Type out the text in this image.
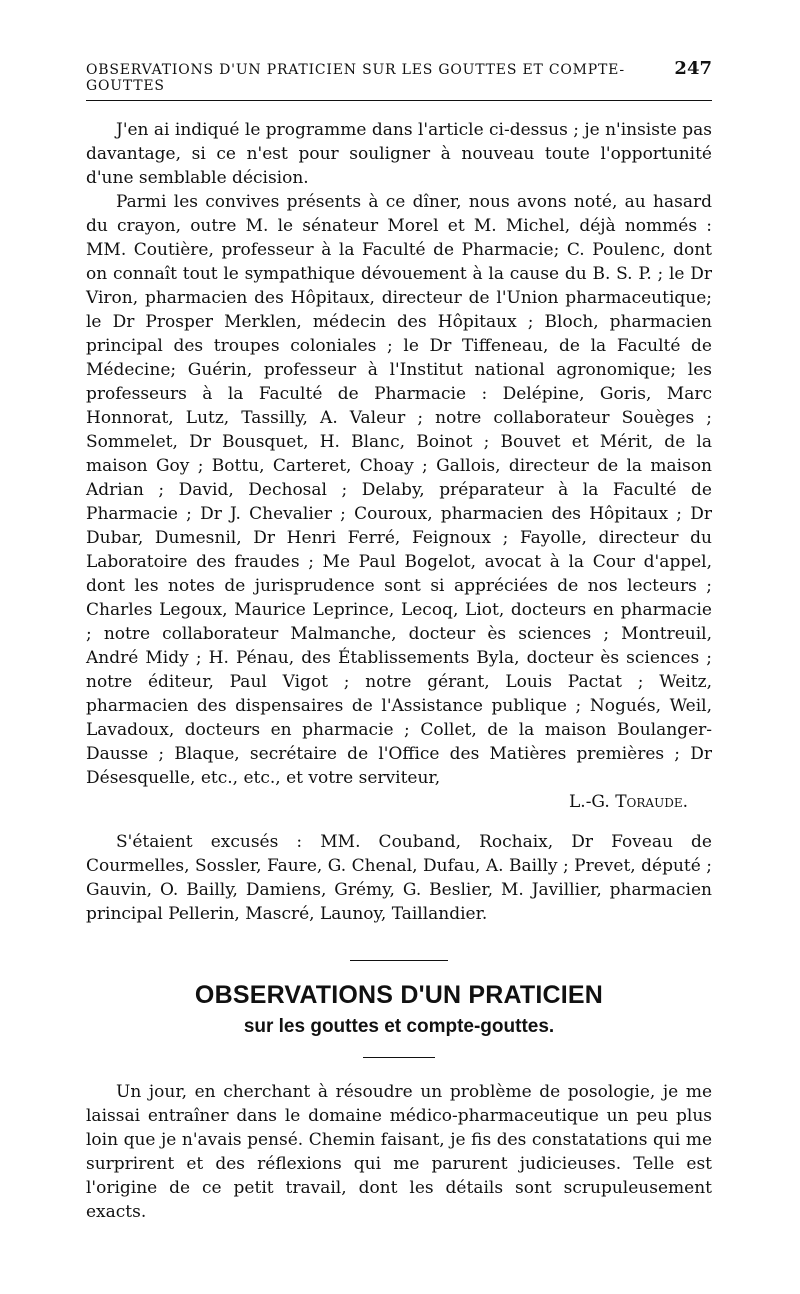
OBSERVATIONS D'UN PRATICIEN SUR LES GOUTTES ET COMPTE-GOUTTES
247

J'en ai indiqué le programme dans l'article ci-dessus ; je n'insiste pas davantage, si ce n'est pour souligner à nouveau toute l'opportunité d'une semblable décision.

Parmi les convives présents à ce dîner, nous avons noté, au hasard du crayon, outre M. le sénateur Morel et M. Michel, déjà nommés : MM. Coutière, professeur à la Faculté de Pharmacie; C. Poulenc, dont on connaît tout le sympathique dévouement à la cause du B. S. P. ; le Dr Viron, pharmacien des Hôpitaux, directeur de l'Union pharmaceutique; le Dr Prosper Merklen, médecin des Hôpitaux ; Bloch, pharmacien principal des troupes coloniales ; le Dr Tiffeneau, de la Faculté de Médecine; Guérin, professeur à l'Institut national agronomique; les professeurs à la Faculté de Pharmacie : Delépine, Goris, Marc Honnorat, Lutz, Tassilly, A. Valeur ; notre collaborateur Souèges ; Sommelet, Dr Bousquet, H. Blanc, Boinot ; Bouvet et Mérit, de la maison Goy ; Bottu, Carteret, Choay ; Gallois, directeur de la maison Adrian ; David, Dechosal ; Delaby, préparateur à la Faculté de Pharmacie ; Dr J. Chevalier ; Couroux, pharmacien des Hôpitaux ; Dr Dubar, Dumesnil, Dr Henri Ferré, Feignoux ; Fayolle, directeur du Laboratoire des fraudes ; Me Paul Bogelot, avocat à la Cour d'appel, dont les notes de jurisprudence sont si appréciées de nos lecteurs ; Charles Legoux, Maurice Leprince, Lecoq, Liot, docteurs en pharmacie ; notre collaborateur Malmanche, docteur ès sciences ; Montreuil, André Midy ; H. Pénau, des Établissements Byla, docteur ès sciences ; notre éditeur, Paul Vigot ; notre gérant, Louis Pactat ; Weitz, pharmacien des dispensaires de l'Assistance publique ; Nogués, Weil, Lavadoux, docteurs en pharmacie ; Collet, de la maison Boulanger-Dausse ; Blaque, secrétaire de l'Office des Matières premières ; Dr Désesquelle, etc., etc., et votre serviteur,

L.-G. Toraude.

S'étaient excusés : MM. Couband, Rochaix, Dr Foveau de Courmelles, Sossler, Faure, G. Chenal, Dufau, A. Bailly ; Prevet, député ; Gauvin, O. Bailly, Damiens, Grémy, G. Beslier, M. Javillier, pharmacien principal Pellerin, Mascré, Launoy, Taillandier.

OBSERVATIONS D'UN PRATICIEN
sur les gouttes et compte-gouttes.

Un jour, en cherchant à résoudre un problème de posologie, je me laissai entraîner dans le domaine médico-pharmaceutique un peu plus loin que je n'avais pensé. Chemin faisant, je fis des constatations qui me surprirent et des réflexions qui me parurent judicieuses. Telle est l'origine de ce petit travail, dont les détails sont scrupuleusement exacts.
